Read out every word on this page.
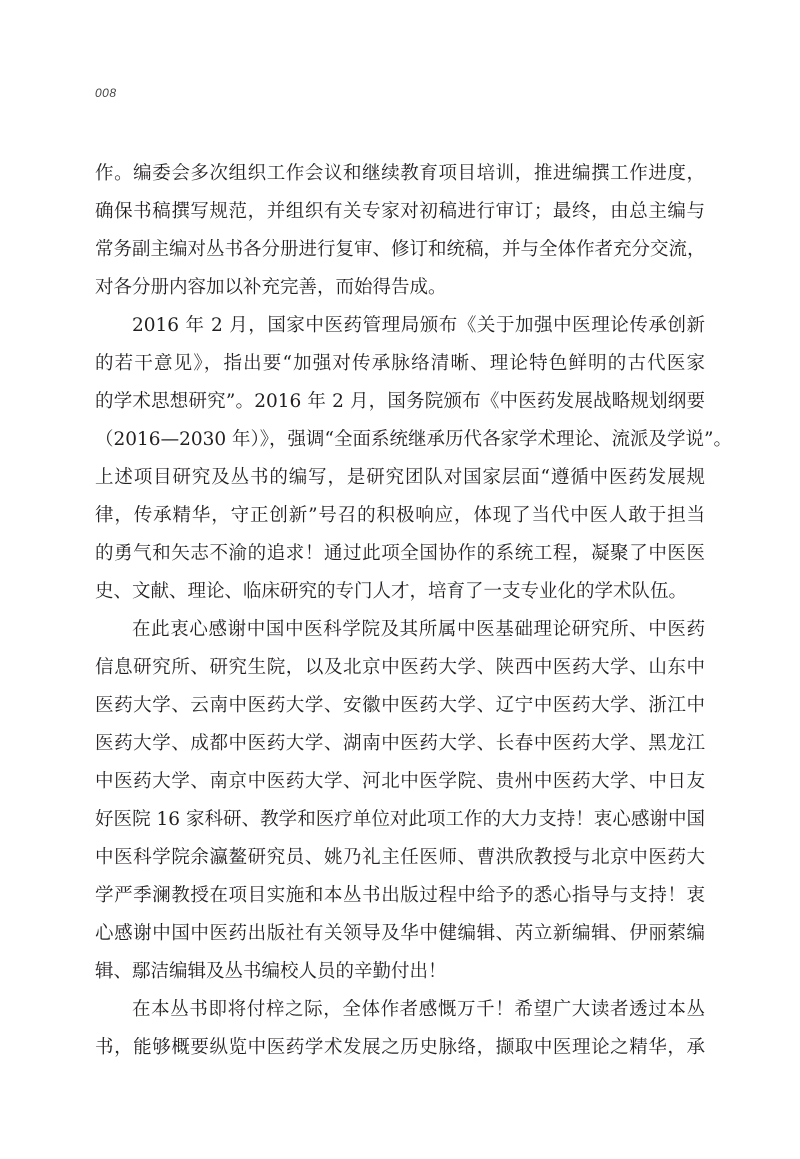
008
作。编委会多次组织工作会议和继续教育项目培训，推进编撰工作进度，
确保书稿撰写规范，并组织有关专家对初稿进行审订；最终，由总主编与
常务副主编对丛书各分册进行复审、修订和统稿，并与全体作者充分交流，
对各分册内容加以补充完善，而始得告成。
2016 年 2 月，国家中医药管理局颁布《关于加强中医理论传承创新
的若干意见》，指出要“加强对传承脉络清晰、理论特色鲜明的古代医家
的学术思想研究”。2016 年 2 月，国务院颁布《中医药发展战略规划纲要
（2016—2030 年）》，强调“全面系统继承历代各家学术理论、流派及学说”。
上述项目研究及丛书的编写，是研究团队对国家层面“遵循中医药发展规
律，传承精华，守正创新”号召的积极响应，体现了当代中医人敢于担当
的勇气和矢志不渝的追求！通过此项全国协作的系统工程，凝聚了中医医
史、文献、理论、临床研究的专门人才，培育了一支专业化的学术队伍。
在此衷心感谢中国中医科学院及其所属中医基础理论研究所、中医药
信息研究所、研究生院，以及北京中医药大学、陕西中医药大学、山东中
医药大学、云南中医药大学、安徽中医药大学、辽宁中医药大学、浙江中
医药大学、成都中医药大学、湖南中医药大学、长春中医药大学、黑龙江
中医药大学、南京中医药大学、河北中医学院、贵州中医药大学、中日友
好医院 16 家科研、教学和医疗单位对此项工作的大力支持！衷心感谢中国
中医科学院余瀛鳌研究员、姚乃礼主任医师、曹洪欣教授与北京中医药大
学严季澜教授在项目实施和本丛书出版过程中给予的悉心指导与支持！衷
心感谢中国中医药出版社有关领导及华中健编辑、芮立新编辑、伊丽萦编
辑、鄢洁编辑及丛书编校人员的辛勤付出！
在本丛书即将付梓之际，全体作者感慨万千！希望广大读者透过本丛
书，能够概要纵览中医药学术发展之历史脉络，撷取中医理论之精华，承
